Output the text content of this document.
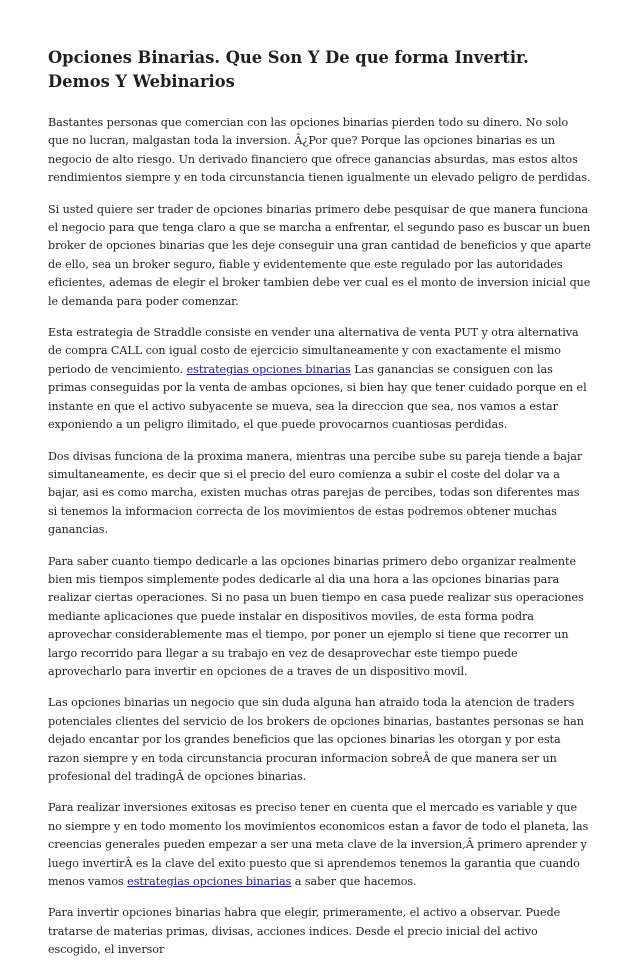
Opciones Binarias. Que Son Y De que forma Invertir. Demos Y Webinarios

Bastantes personas que comercian con las opciones binarias pierden todo su dinero. No solo que no lucran, malgastan toda la inversion. Â¿Por que? Porque las opciones binarias es un negocio de alto riesgo. Un derivado financiero que ofrece ganancias absurdas, mas estos altos rendimientos siempre y en toda circunstancia tienen igualmente un elevado peligro de perdidas.

Si usted quiere ser trader de opciones binarias primero debe pesquisar de que manera funciona el negocio para que tenga claro a que se marcha a enfrentar, el segundo paso es buscar un buen broker de opciones binarias que les deje conseguir una gran cantidad de beneficios y que aparte de ello, sea un broker seguro, fiable y evidentemente que este regulado por las autoridades eficientes, ademas de elegir el broker tambien debe ver cual es el monto de inversion inicial que le demanda para poder comenzar.

Esta estrategia de Straddle consiste en vender una alternativa de venta PUT y otra alternativa de compra CALL con igual costo de ejercicio simultaneamente y con exactamente el mismo periodo de vencimiento. estrategias opciones binarias Las ganancias se consiguen con las primas conseguidas por la venta de ambas opciones, si bien hay que tener cuidado porque en el instante en que el activo subyacente se mueva, sea la direccion que sea, nos vamos a estar exponiendo a un peligro ilimitado, el que puede provocarnos cuantiosas perdidas.

Dos divisas funciona de la proxima manera, mientras una percibe sube su pareja tiende a bajar simultaneamente, es decir que si el precio del euro comienza a subir el coste del dolar va a bajar, asi es como marcha, existen muchas otras parejas de percibes, todas son diferentes mas si tenemos la informacion correcta de los movimientos de estas podremos obtener muchas ganancias.

Para saber cuanto tiempo dedicarle a las opciones binarias primero debo organizar realmente bien mis tiempos simplemente podes dedicarle al dia una hora a las opciones binarias para realizar ciertas operaciones. Si no pasa un buen tiempo en casa puede realizar sus operaciones mediante aplicaciones que puede instalar en dispositivos moviles, de esta forma podra aprovechar considerablemente mas el tiempo, por poner un ejemplo si tiene que recorrer un largo recorrido para llegar a su trabajo en vez de desaprovechar este tiempo puede aprovecharlo para invertir en opciones de a traves de un dispositivo movil.

Las opciones binarias un negocio que sin duda alguna han atraido toda la atencion de traders potenciales clientes del servicio de los brokers de opciones binarias, bastantes personas se han dejado encantar por los grandes beneficios que las opciones binarias les otorgan y por esta razon siempre y en toda circunstancia procuran informacion sobreÂ de que manera ser un profesional del tradingÂ de opciones binarias.

Para realizar inversiones exitosas es preciso tener en cuenta que el mercado es variable y que no siempre y en todo momento los movimientos economicos estan a favor de todo el planeta, las creencias generales pueden empezar a ser una meta clave de la inversion,Â primero aprender y luego invertirÂ es la clave del exito puesto que si aprendemos tenemos la garantia que cuando menos vamos estrategias opciones binarias a saber que hacemos.

Para invertir opciones binarias habra que elegir, primeramente, el activo a observar. Puede tratarse de materias primas, divisas, acciones indices. Desde el precio inicial del activo escogido, el inversor
